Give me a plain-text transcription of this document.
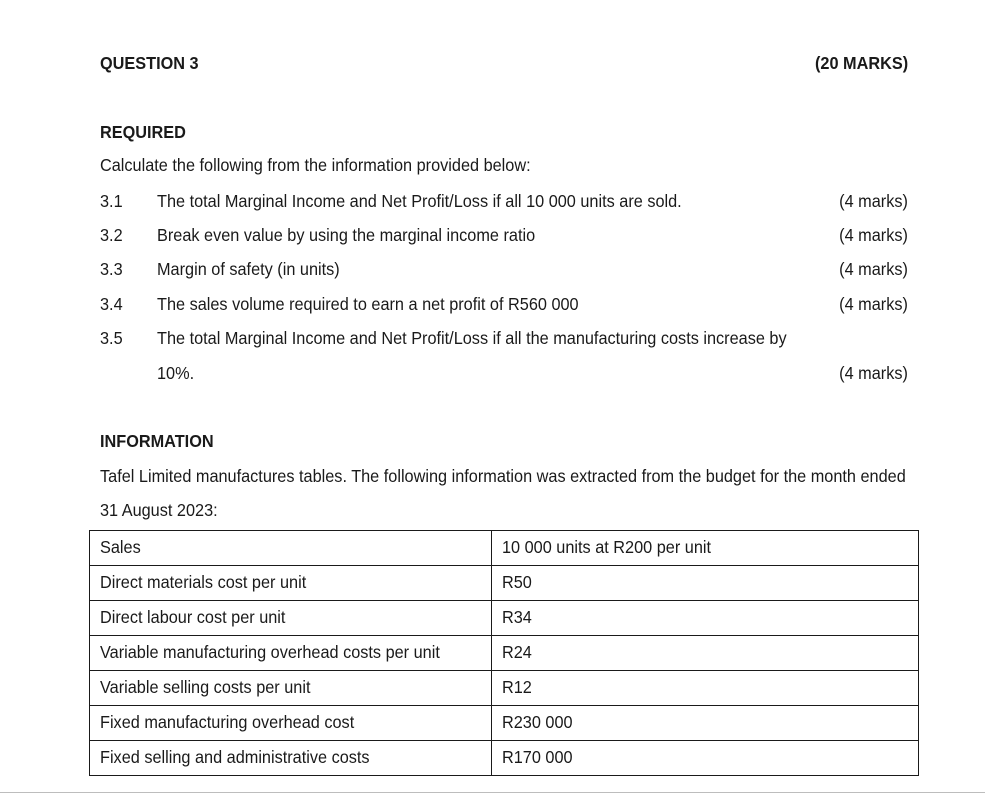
QUESTION 3	(20 MARKS)
REQUIRED
Calculate the following from the information provided below:
3.1 The total Marginal Income and Net Profit/Loss if all 10 000 units are sold.	(4 marks)
3.2 Break even value by using the marginal income ratio	(4 marks)
3.3 Margin of safety (in units)	(4 marks)
3.4 The sales volume required to earn a net profit of R560 000	(4 marks)
3.5 The total Marginal Income and Net Profit/Loss if all the manufacturing costs increase by
10%.	(4 marks)
INFORMATION
Tafel Limited manufactures tables. The following information was extracted from the budget for the month ended
31 August 2023:
Sales	10 000 units at R200 per unit
Direct materials cost per unit	R50
Direct labour cost per unit	R34
Variable manufacturing overhead costs per unit	R24
Variable selling costs per unit	R12
Fixed manufacturing overhead cost	R230 000
Fixed selling and administrative costs	R170 000
